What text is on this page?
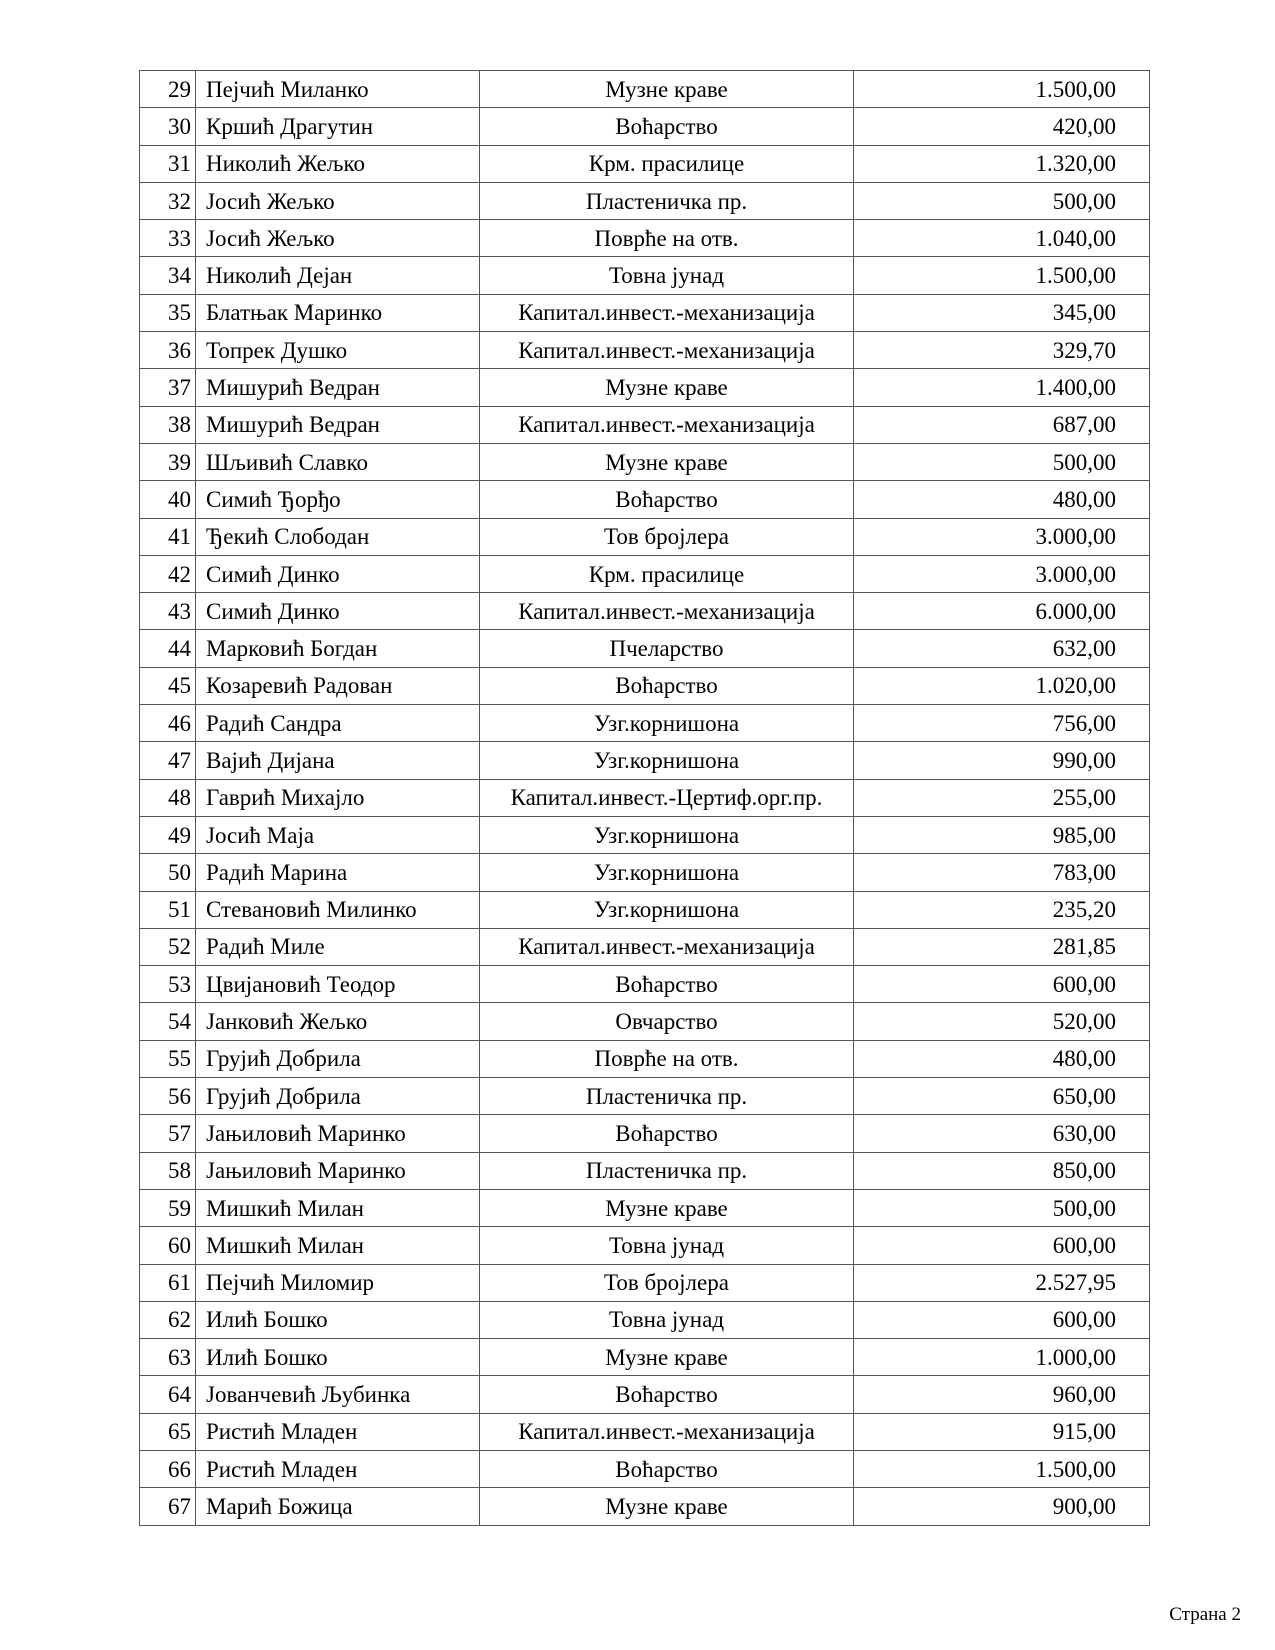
29	Пејчић Миланко	Музне краве	1.500,00
30	Кршић Драгутин	Воћарство	420,00
31	Николић Жељко	Крм. прасилице	1.320,00
32	Јосић Жељко	Пластеничка пр.	500,00
33	Јосић Жељко	Поврће на отв.	1.040,00
34	Николић Дејан	Товна јунад	1.500,00
35	Блатњак Маринко	Капитал.инвест.-механизација	345,00
36	Топрек Душко	Капитал.инвест.-механизација	329,70
37	Мишурић Ведран	Музне краве	1.400,00
38	Мишурић Ведран	Капитал.инвест.-механизација	687,00
39	Шљивић Славко	Музне краве	500,00
40	Симић Ђорђо	Воћарство	480,00
41	Ђекић Слободан	Тов бројлера	3.000,00
42	Симић Динко	Крм. прасилице	3.000,00
43	Симић Динко	Капитал.инвест.-механизација	6.000,00
44	Марковић Богдан	Пчеларство	632,00
45	Козаревић Радован	Воћарство	1.020,00
46	Радић Сандра	Узг.корнишона	756,00
47	Вајић Дијана	Узг.корнишона	990,00
48	Гаврић Михајло	Капитал.инвест.-Цертиф.орг.пр.	255,00
49	Јосић Маја	Узг.корнишона	985,00
50	Радић Марина	Узг.корнишона	783,00
51	Стевановић Милинко	Узг.корнишона	235,20
52	Радић Миле	Капитал.инвест.-механизација	281,85
53	Цвијановић Теодор	Воћарство	600,00
54	Јанковић Жељко	Овчарство	520,00
55	Грујић Добрила	Поврће на отв.	480,00
56	Грујић Добрила	Пластеничка пр.	650,00
57	Јањиловић Маринко	Воћарство	630,00
58	Јањиловић Маринко	Пластеничка пр.	850,00
59	Мишкић Милан	Музне краве	500,00
60	Мишкић Милан	Товна јунад	600,00
61	Пејчић Миломир	Тов бројлера	2.527,95
62	Илић Бошко	Товна јунад	600,00
63	Илић Бошко	Музне краве	1.000,00
64	Јованчевић Љубинка	Воћарство	960,00
65	Ристић Младен	Капитал.инвест.-механизација	915,00
66	Ристић Младен	Воћарство	1.500,00
67	Марић Божица	Музне краве	900,00
Страна 2
